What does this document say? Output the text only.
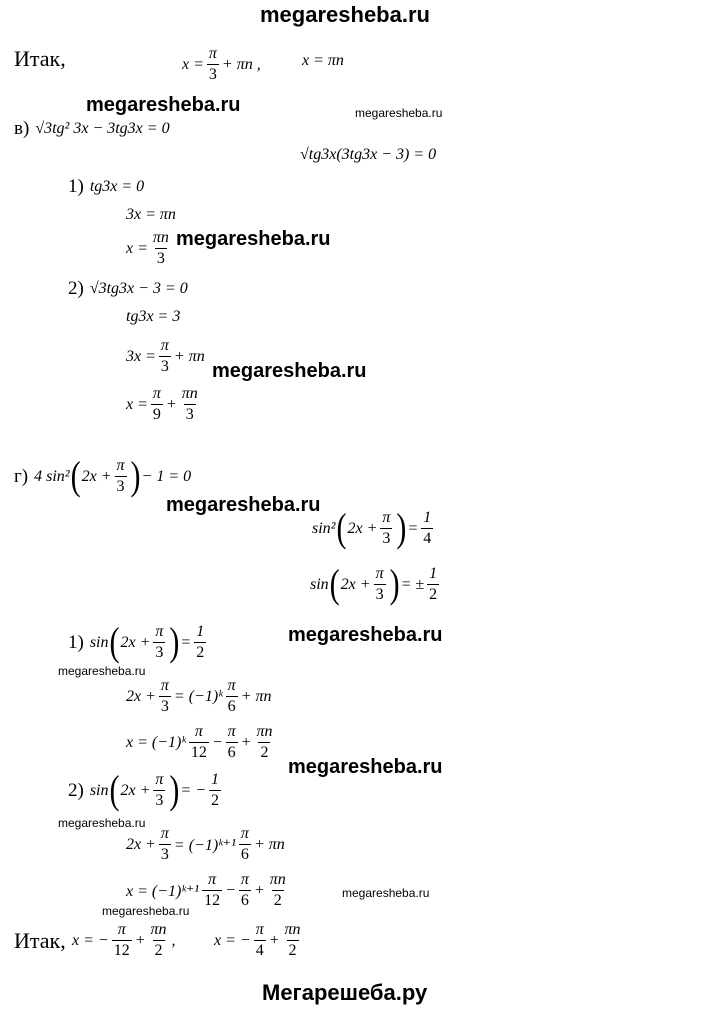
megaresheba.ru
Итак,	$x = \frac{\pi}{3} + \pi n$ ,	x = πn
megaresheba.ru	megaresheba.ru
в) √ 3tg² 3x − 3tg3x = 0
√ tg3x(3tg3x − 3) = 0
1) tg3x = 0
3x = πn
$x = \frac{\pi n}{3}$ megaresheba.ru
2) √ 3tg3x − 3 = 0
tg3x = 3
$3x = \frac{\pi}{3} + \pi n$
megaresheba.ru
$x = \frac{\pi}{9} + \frac{\pi n}{3}$
г) 4 sin² ( $2x + \frac{\pi}{3}$ ) − 1 = 0
megaresheba.ru
sin² ( $2x + \frac{\pi}{3}$ ) = $\frac{1}{4}$
sin ( $2x + \frac{\pi}{3}$ ) = ± $\frac{1}{2}$
1) sin ( $2x + \frac{\pi}{3}$ ) = $\frac{1}{2}$	megaresheba.ru
megaresheba.ru
$2x + \frac{\pi}{3}$ = (−1)ᵏ $\frac{\pi}{6} + \pi n$
x = (−1)ᵏ $\frac{\pi}{12} - \frac{\pi}{6} + \frac{\pi n}{2}$
megaresheba.ru
2) sin ( $2x + \frac{\pi}{3}$ ) = − $\frac{1}{2}$
megaresheba.ru
$2x + \frac{\pi}{3}$ = (−1)ᵏ⁺¹ $\frac{\pi}{6} + \pi n$
x = (−1)ᵏ⁺¹ $\frac{\pi}{12} - \frac{\pi}{6} + \frac{\pi n}{2}$	megaresheba.ru
megaresheba.ru
Итак, x = − $\frac{\pi}{12} + \frac{\pi n}{2}$ , x = − $\frac{\pi}{4} + \frac{\pi n}{2}$
Мегарешеба.ру
